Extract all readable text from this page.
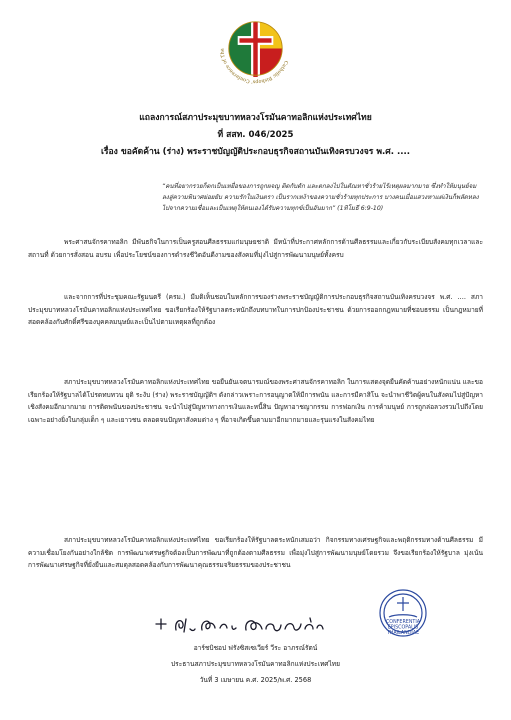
Catholic Bishops' Conference of Tha
แถลงการณ์สภาประมุขบาทหลวงโรมันคาทอลิกแห่งประเทศไทย
ที่ สสท. 046/2025
เรื่อง ขอคัดค้าน (ร่าง) พระราชบัญญัติประกอบธุรกิจสถานบันเทิงครบวงจร พ.ศ. ....
“คนที่อยากรวยก็ตกเป็นเหยื่อของการถูกผจญ ติดกับดัก และตกลงไปในตัณหาชั่วร้ายไร้เหตุผลมากมาย ซึ่งทำให้มนุษย์จมลงสู่ความพินาศย่อยยับ ความรักในเงินตรา เป็นรากเหง้าของความชั่วร้ายทุกประการ บางคนเมื่อแสวงหาแต่เงินก็พลัดหลงไปจากความเชื่อและเป็นเหตุให้ตนเองได้รับความทุกข์เป็นอันมาก” (1ทิโมธี 6:9-10)
พระศาสนจักรคาทอลิก มีพันธกิจในการเป็นครูสอนศีลธรรมแก่มนุษยชาติ มีหน้าที่ประกาศหลักการด้านศีลธรรมและเกี่ยวกับระเบียบสังคมทุกเวลาและสถานที่ ด้วยการสั่งสอน อบรม เพื่อประโยชน์ของการดำรงชีวิตอันดีงามของสังคมที่มุ่งไปสู่การพัฒนามนุษย์ทั้งครบ
และจากการที่ประชุมคณะรัฐมนตรี (ครม.) มีมติเห็นชอบในหลักการของร่างพระราชบัญญัติการประกอบธุรกิจสถานบันเทิงครบวงจร พ.ศ. .... สภาประมุขบาทหลวงโรมันคาทอลิกแห่งประเทศไทย ขอเรียกร้องให้รัฐบาลตระหนักถึงบทบาทในการปกป้องประชาชน ด้วยการออกกฎหมายที่ชอบธรรม เป็นกฎหมายที่สอดคล้องกับศักดิ์ศรีของบุคคลมนุษย์และเป็นไปตามเหตุผลที่ถูกต้อง
สภาประมุขบาทหลวงโรมันคาทอลิกแห่งประเทศไทย ขอยืนยันเจตนารมณ์ของพระศาสนจักรคาทอลิก ในการแสดงจุดยืนคัดค้านอย่างหนักแน่น และขอเรียกร้องให้รัฐบาลได้โปรดทบทวน ยุติ ระงับ (ร่าง) พระราชบัญญัติฯ ดังกล่าวเพราะการอนุญาตให้มีการพนัน และการมีคาสิโน จะนำพาชีวิตผู้คนในสังคมไปสู่ปัญหาเชิงสังคมอีกมากมาย การติดพนันของประชาชน จะนำไปสู่ปัญหาทางการเงินและหนี้สิน ปัญหาอาชญากรรม การฟอกเงิน การค้ามนุษย์ การถูกล่อลวงรวมไปถึงโดยเฉพาะอย่างยิ่งในกลุ่มเด็ก ๆ และเยาวชน ตลอดจนปัญหาสังคมต่าง ๆ ที่อาจเกิดขึ้นตามมาอีกมากมายและรุนแรงในสังคมไทย
สภาประมุขบาทหลวงโรมันคาทอลิกแห่งประเทศไทย ขอเรียกร้องให้รัฐบาลตระหนักเสมอว่า กิจกรรมทางเศรษฐกิจและพฤติกรรมทางด้านศีลธรรม มีความเชื่อมโยงกันอย่างใกล้ชิด การพัฒนาเศรษฐกิจต้องเป็นการพัฒนาที่ถูกต้องตามศีลธรรม เพื่อมุ่งไปสู่การพัฒนามนุษย์โดยรวม จึงขอเรียกร้องให้รัฐบาล มุ่งเน้นการพัฒนาเศรษฐกิจที่ยั่งยืนและสมดุลสอดคล้องกับการพัฒนาคุณธรรมจริยธรรมของประชาชน
CONFERENTIA
EPISCOPALIS
THAILANDIAE
อาร์ชบิชอป ฟรังซิสเซเวียร์ วีระ อาภรณ์รัตน์
ประธานสภาประมุขบาทหลวงโรมันคาทอลิกแห่งประเทศไทย
วันที่ 3 เมษายน ค.ศ. 2025/พ.ศ. 2568
